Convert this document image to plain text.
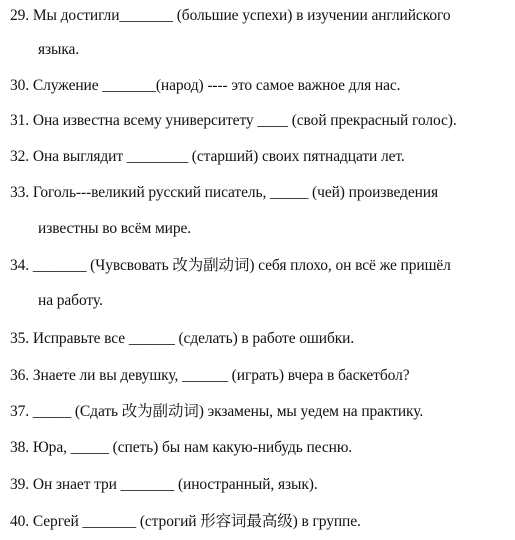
29. Мы достигли_______ (большие успехи) в изучении английского
языка.
30. Служение _______(народ) ---- это самое важное для нас.
31. Она известна всему университету ____ (свой прекрасный голос).
32. Она выглядит ________ (старший) своих пятнадцати лет.
33. Гоголь---великий русский писатель, _____ (чей) произведения
известны во всём мире.
34. _______ (Чувсвовать 改为副动词) себя плохо, он всё же пришёл
на работу.
35. Исправьте все ______ (сделать) в работе ошибки.
36. Знаете ли вы девушку, ______ (играть) вчера в баскетбол?
37. _____ (Сдать 改为副动词) экзамены, мы уедем на практику.
38. Юра, _____ (спеть) бы нам какую-нибудь песню.
39. Он знает три _______ (иностранный, язык).
40. Сергей _______ (строгий 形容词最高级) в группе.
